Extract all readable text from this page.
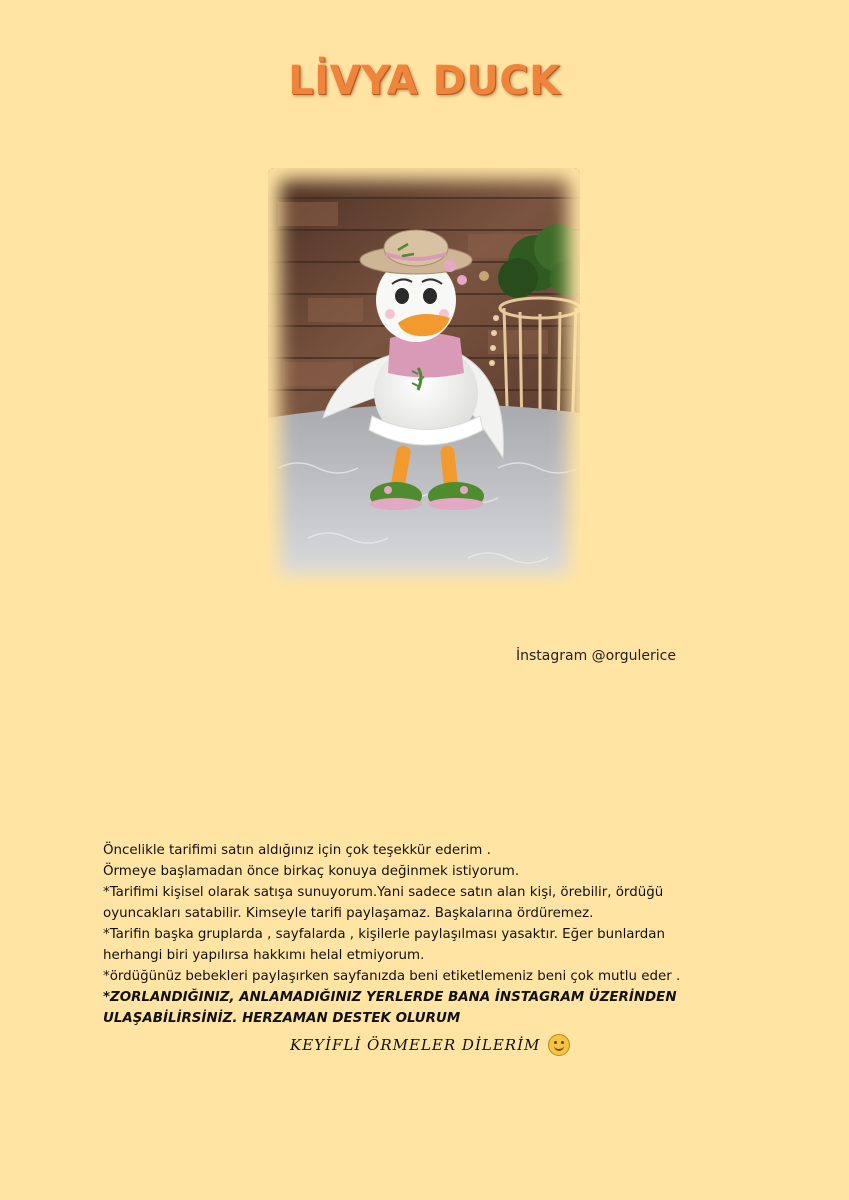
LİVYA DUCK
İnstagram @orgulerice

Öncelikle tarifimi satın aldığınız için çok teşekkür ederim .

Örmeye başlamadan önce birkaç konuya değinmek istiyorum.

*Tarifimi kişisel olarak satışa sunuyorum.Yani sadece satın alan kişi, örebilir, ördüğü oyuncakları satabilir. Kimseyle tarifi paylaşamaz. Başkalarına ördüremez.

*Tarifin başka gruplarda , sayfalarda , kişilerle paylaşılması yasaktır. Eğer bunlardan herhangi biri yapılırsa hakkımı helal etmiyorum.

*ördüğünüz bebekleri paylaşırken sayfanızda beni etiketlemeniz beni çok mutlu eder .

*ZORLANDIĞINIZ, ANLAMADIĞINIZ YERLERDE BANA İNSTAGRAM ÜZERİNDEN ULAŞABİLİRSİNİZ. HERZAMAN DESTEK OLURUM

KEYİFLİ ÖRMELER DİLERİM
